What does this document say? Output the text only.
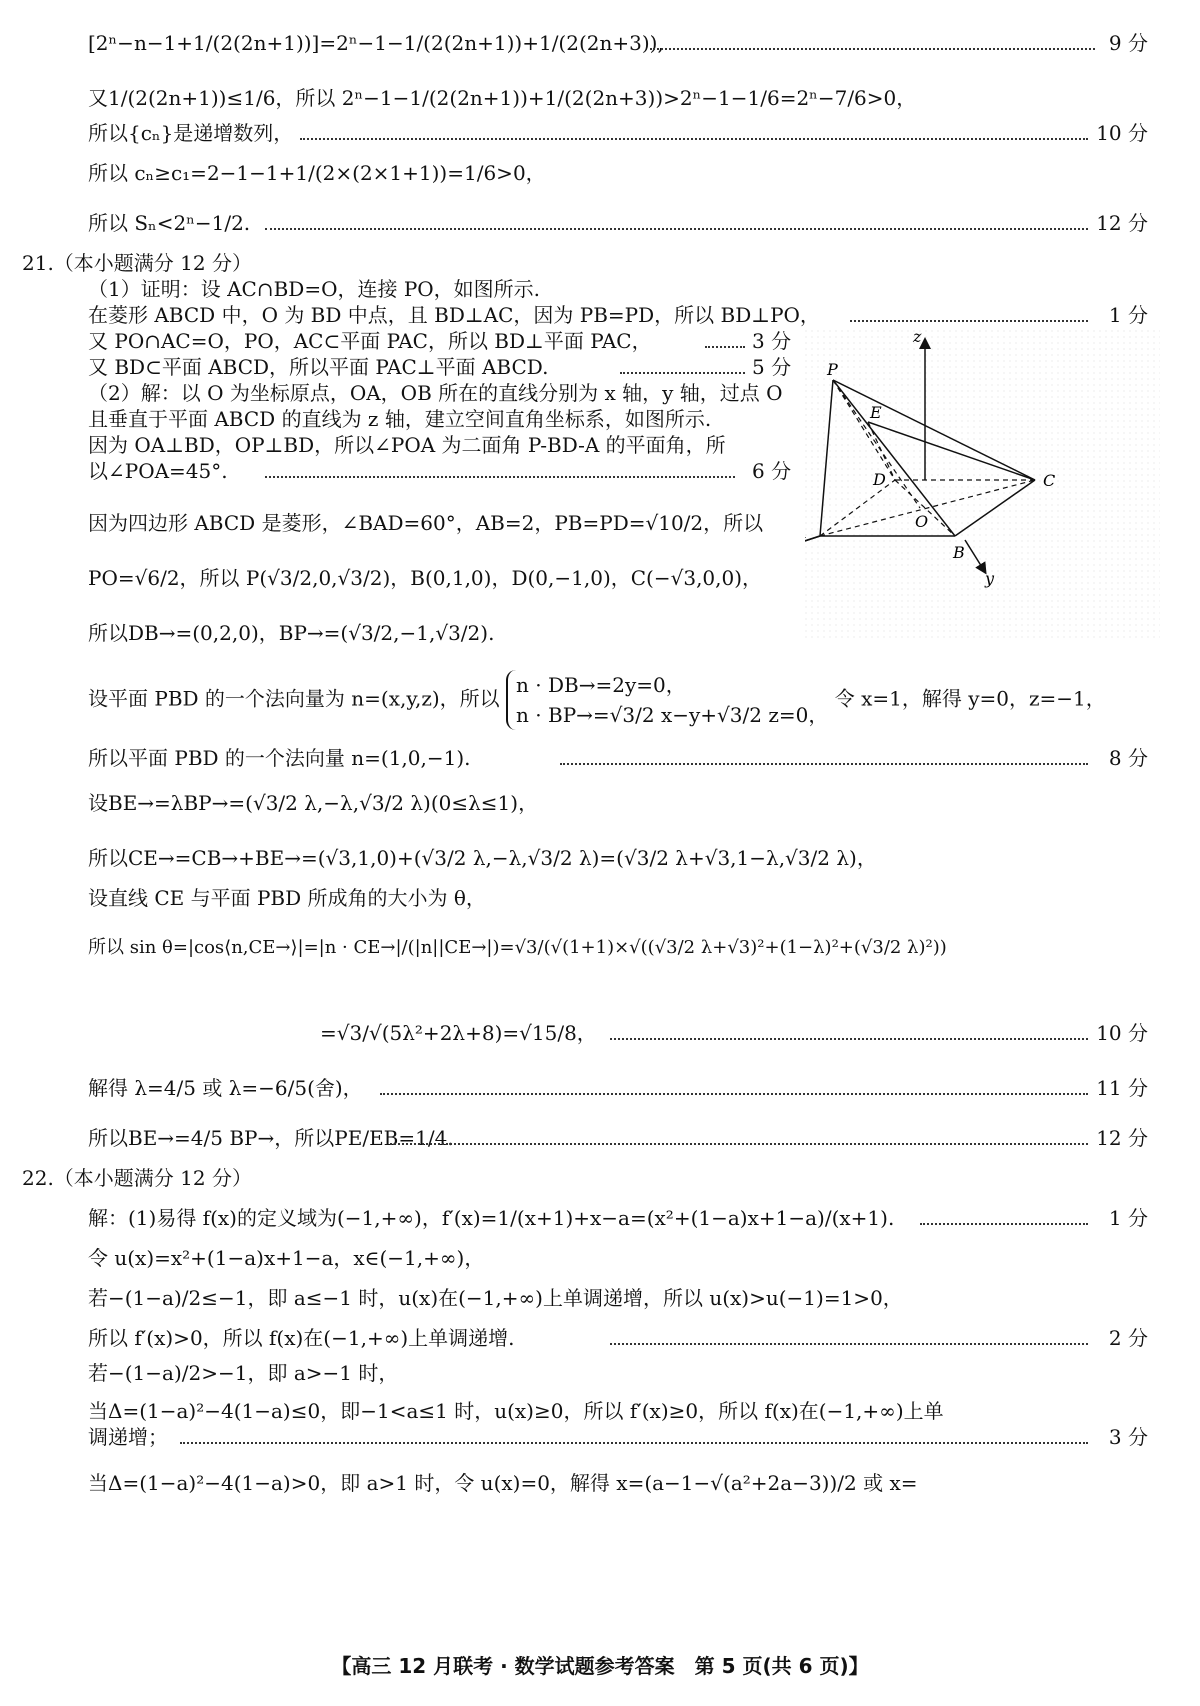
[2ⁿ−n−1+1/(2(2n+1))]=2ⁿ−1−1/(2(2n+1))+1/(2(2n+3)),	9 分
又1/(2(2n+1))≤1/6，所以 2ⁿ−1−1/(2(2n+1))+1/(2(2n+3))>2ⁿ−1−1/6=2ⁿ−7/6>0，
所以{cₙ}是递增数列，	10 分
所以 cₙ≥c₁=2−1−1+1/(2×(2×1+1))=1/6>0，
所以 Sₙ<2ⁿ−1/2.	12 分
21.（本小题满分 12 分）
（1）证明：设 AC∩BD=O，连接 PO，如图所示.
在菱形 ABCD 中，O 为 BD 中点，且 BD⊥AC，因为 PB=PD，所以 BD⊥PO，	1 分
又 PO∩AC=O，PO，AC⊂平面 PAC，所以 BD⊥平面 PAC，	3 分
又 BD⊂平面 ABCD，所以平面 PAC⊥平面 ABCD.	5 分
（2）解：以 O 为坐标原点，OA，OB 所在的直线分别为 x 轴，y 轴，过点 O
且垂直于平面 ABCD 的直线为 z 轴，建立空间直角坐标系，如图所示.
因为 OA⊥BD，OP⊥BD，所以∠POA 为二面角 P-BD-A 的平面角，所
以∠POA=45°.	6 分
因为四边形 ABCD 是菱形，∠BAD=60°，AB=2，PB=PD=√10/2，所以
PO=√6/2，所以 P(√3/2,0,√3/2)，B(0,1,0)，D(0,−1,0)，C(−√3,0,0)，
所以DB→=(0,2,0)，BP→=(√3/2,−1,√3/2).
设平面 PBD 的一个法向量为 n=(x,y,z)，所以 n · DB→=2y=0，
n · BP→=√3/2 x−y+√3/2 z=0， 令 x=1，解得 y=0，z=−1，
所以平面 PBD 的一个法向量 n=(1,0,−1).	8 分
设BE→=λBP→=(√3/2 λ,−λ,√3/2 λ)(0≤λ≤1)，
所以CE→=CB→+BE→=(√3,1,0)+(√3/2 λ,−λ,√3/2 λ)=(√3/2 λ+√3,1−λ,√3/2 λ)，
设直线 CE 与平面 PBD 所成角的大小为 θ，
所以 sin θ=|cos⟨n,CE→⟩|=|n · CE→|/(|n||CE→|)=√3/(√(1+1)×√((√3/2 λ+√3)²+(1−λ)²+(√3/2 λ)²))
=√3/√(5λ²+2λ+8)=√15/8，	10 分
解得 λ=4/5 或 λ=−6/5(舍)，	11 分
所以BE→=4/5 BP→，所以PE/EB=1/4.	12 分
22.（本小题满分 12 分）
解：(1)易得 f(x)的定义域为(−1,+∞)，f′(x)=1/(x+1)+x−a=(x²+(1−a)x+1−a)/(x+1).	1 分
令 u(x)=x²+(1−a)x+1−a，x∈(−1,+∞)，
若−(1−a)/2≤−1，即 a≤−1 时，u(x)在(−1,+∞)上单调递增，所以 u(x)>u(−1)=1>0，
所以 f′(x)>0，所以 f(x)在(−1,+∞)上单调递增.	2 分
若−(1−a)/2>−1，即 a>−1 时，
当Δ=(1−a)²−4(1−a)≤0，即−1<a≤1 时，u(x)≥0，所以 f′(x)≥0，所以 f(x)在(−1,+∞)上单
调递增；	3 分
当Δ=(1−a)²−4(1−a)>0，即 a>1 时，令 u(x)=0，解得 x=(a−1−√(a²+2a−3))/2 或 x=
z
P
E
D	C
O
B
y
【高三 12 月联考 · 数学试题参考答案　第 5 页(共 6 页)】
